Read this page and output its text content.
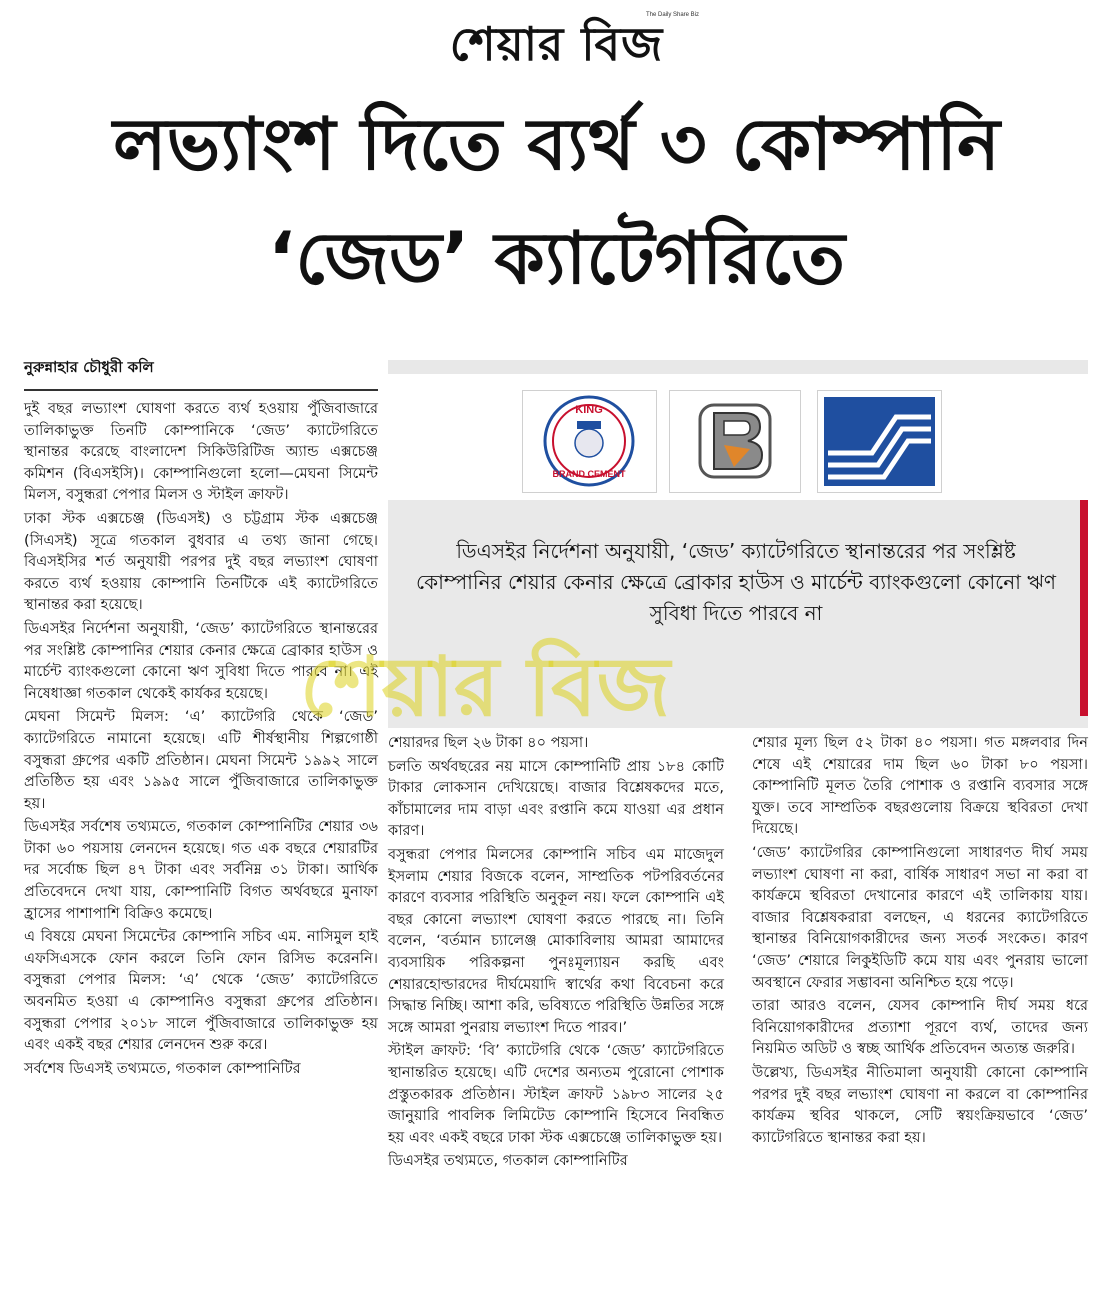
শেয়ার বিজ
The Daily Share Biz
লভ্যাংশ দিতে ব্যর্থ ৩ কোম্পানি
‘জেড’ ক্যাটেগরিতে
নুরুন্নাহার চৌধুরী কলি

দুই বছর লভ্যাংশ ঘোষণা করতে ব্যর্থ হওয়ায় পুঁজিবাজারে তালিকাভুক্ত তিনটি কোম্পানিকে ‘জেড’ ক্যাটেগরিতে স্থানান্তর করেছে বাংলাদেশ সিকিউরিটিজ অ্যান্ড এক্সচেঞ্জ কমিশন (বিএসইসি)। কোম্পানিগুলো হলো—মেঘনা সিমেন্ট মিলস, বসুন্ধরা পেপার মিলস ও স্টাইল ক্রাফট।

ঢাকা স্টক এক্সচেঞ্জ (ডিএসই) ও চট্টগ্রাম স্টক এক্সচেঞ্জ (সিএসই) সূত্রে গতকাল বুধবার এ তথ্য জানা গেছে। বিএসইসির শর্ত অনুযায়ী পরপর দুই বছর লভ্যাংশ ঘোষণা করতে ব্যর্থ হওয়ায় কোম্পানি তিনটিকে এই ক্যাটেগরিতে স্থানান্তর করা হয়েছে।

ডিএসইর নির্দেশনা অনুযায়ী, ‘জেড’ ক্যাটেগরিতে স্থানান্তরের পর সংশ্লিষ্ট কোম্পানির শেয়ার কেনার ক্ষেত্রে ব্রোকার হাউস ও মার্চেন্ট ব্যাংকগুলো কোনো ঋণ সুবিধা দিতে পারবে না। এই নিষেধাজ্ঞা গতকাল থেকেই কার্যকর হয়েছে।

মেঘনা সিমেন্ট মিলস: ‘এ’ ক্যাটেগরি থেকে ‘জেড’ ক্যাটেগরিতে নামানো হয়েছে। এটি শীর্ষস্থানীয় শিল্পগোষ্ঠী বসুন্ধরা গ্রুপের একটি প্রতিষ্ঠান। মেঘনা সিমেন্ট ১৯৯২ সালে প্রতিষ্ঠিত হয় এবং ১৯৯৫ সালে পুঁজিবাজারে তালিকাভুক্ত হয়।

ডিএসইর সর্বশেষ তথ্যমতে, গতকাল কোম্পানিটির শেয়ার ৩৬ টাকা ৬০ পয়সায় লেনদেন হয়েছে। গত এক বছরে শেয়ারটির দর সর্বোচ্চ ছিল ৪৭ টাকা এবং সর্বনিম্ন ৩১ টাকা। আর্থিক প্রতিবেদনে দেখা যায়, কোম্পানিটি বিগত অর্থবছরে মুনাফা হ্রাসের পাশাপাশি বিক্রিও কমেছে।

এ বিষয়ে মেঘনা সিমেন্টের কোম্পানি সচিব এম. নাসিমুল হাই এফসিএসকে ফোন করলে তিনি ফোন রিসিভ করেননি। বসুন্ধরা পেপার মিলস: ‘এ’ থেকে ‘জেড’ ক্যাটেগরিতে অবনমিত হওয়া এ কোম্পানিও বসুন্ধরা গ্রুপের প্রতিষ্ঠান। বসুন্ধরা পেপার ২০১৮ সালে পুঁজিবাজারে তালিকাভুক্ত হয় এবং একই বছর শেয়ার লেনদেন শুরু করে।

সর্বশেষ ডিএসই তথ্যমতে, গতকাল কোম্পানিটির

KING
BRAND CEMENT
ডিএসইর নির্দেশনা অনুযায়ী, ‘জেড’ ক্যাটেগরিতে স্থানান্তরের পর সংশ্লিষ্ট কোম্পানির শেয়ার কেনার ক্ষেত্রে ব্রোকার হাউস ও মার্চেন্ট ব্যাংকগুলো কোনো ঋণ সুবিধা দিতে পারবে না

শেয়ারদর ছিল ২৬ টাকা ৪০ পয়সা।

চলতি অর্থবছরের নয় মাসে কোম্পানিটি প্রায় ১৮৪ কোটি টাকার লোকসান দেখিয়েছে। বাজার বিশ্লেষকদের মতে, কাঁচামালের দাম বাড়া এবং রপ্তানি কমে যাওয়া এর প্রধান কারণ।

বসুন্ধরা পেপার মিলসের কোম্পানি সচিব এম মাজেদুল ইসলাম শেয়ার বিজকে বলেন, সাম্প্রতিক পটপরিবর্তনের কারণে ব্যবসার পরিস্থিতি অনুকূল নয়। ফলে কোম্পানি এই বছর কোনো লভ্যাংশ ঘোষণা করতে পারছে না। তিনি বলেন, ‘বর্তমান চ্যালেঞ্জ মোকাবিলায় আমরা আমাদের ব্যবসায়িক পরিকল্পনা পুনঃমূল্যায়ন করছি এবং শেয়ারহোল্ডারদের দীর্ঘমেয়াদি স্বার্থের কথা বিবেচনা করে সিদ্ধান্ত নিচ্ছি। আশা করি, ভবিষ্যতে পরিস্থিতি উন্নতির সঙ্গে সঙ্গে আমরা পুনরায় লভ্যাংশ দিতে পারব।’

স্টাইল ক্রাফট: ‘বি’ ক্যাটেগরি থেকে ‘জেড’ ক্যাটেগরিতে স্থানান্তরিত হয়েছে। এটি দেশের অন্যতম পুরোনো পোশাক প্রস্তুতকারক প্রতিষ্ঠান। স্টাইল ক্রাফট ১৯৮৩ সালের ২৫ জানুয়ারি পাবলিক লিমিটেড কোম্পানি হিসেবে নিবন্ধিত হয় এবং একই বছরে ঢাকা স্টক এক্সচেঞ্জে তালিকাভুক্ত হয়।

ডিএসইর তথ্যমতে, গতকাল কোম্পানিটির

শেয়ার মূল্য ছিল ৫২ টাকা ৪০ পয়সা। গত মঙ্গলবার দিন শেষে এই শেয়ারের দাম ছিল ৬০ টাকা ৮০ পয়সা। কোম্পানিটি মূলত তৈরি পোশাক ও রপ্তানি ব্যবসার সঙ্গে যুক্ত। তবে সাম্প্রতিক বছরগুলোয় বিক্রয়ে স্থবিরতা দেখা দিয়েছে।

‘জেড’ ক্যাটেগরির কোম্পানিগুলো সাধারণত দীর্ঘ সময় লভ্যাংশ ঘোষণা না করা, বার্ষিক সাধারণ সভা না করা বা কার্যক্রমে স্থবিরতা দেখানোর কারণে এই তালিকায় যায়। বাজার বিশ্লেষকরারা বলছেন, এ ধরনের ক্যাটেগরিতে স্থানান্তর বিনিয়োগকারীদের জন্য সতর্ক সংকেত। কারণ ‘জেড’ শেয়ারে লিকুইডিটি কমে যায় এবং পুনরায় ভালো অবস্থানে ফেরার সম্ভাবনা অনিশ্চিত হয়ে পড়ে।

তারা আরও বলেন, যেসব কোম্পানি দীর্ঘ সময় ধরে বিনিয়োগকারীদের প্রত্যাশা পূরণে ব্যর্থ, তাদের জন্য নিয়মিত অডিট ও স্বচ্ছ আর্থিক প্রতিবেদন অত্যন্ত জরুরি।

উল্লেখ্য, ডিএসইর নীতিমালা অনুযায়ী কোনো কোম্পানি পরপর দুই বছর লভ্যাংশ ঘোষণা না করলে বা কোম্পানির কার্যক্রম স্থবির থাকলে, সেটি স্বয়ংক্রিয়ভাবে ‘জেড’ ক্যাটেগরিতে স্থানান্তর করা হয়।

শেয়ার বিজ
